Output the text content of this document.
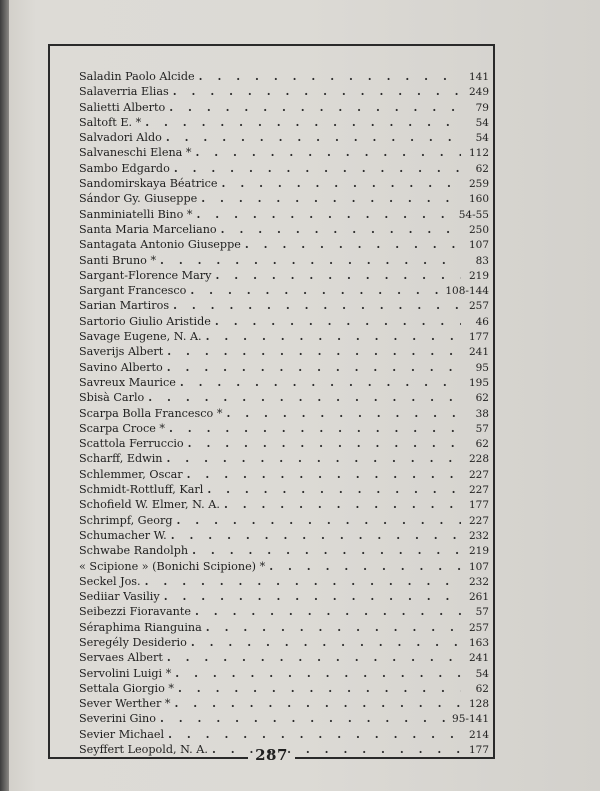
Saladin Paolo Alcide . . .	141
Salaverria Elias . . .	249
Salietti Alberto . . .	79
Saltoft E. * . . .	54
Salvadori Aldo . . .	54
Salvaneschi Elena * . . .	112
Sambo Edgardo . . .	62
Sandomirskaya Béatrice . . .	259
Sándor Gy. Giuseppe . . .	160
Sanminiatelli Bino * . . .	54-55
Santa Maria Marceliano . . .	250
Santagata Antonio Giuseppe . . .	107
Santi Bruno * . . .	83
Sargant-Florence Mary . . .	219
Sargant Francesco . . .	108-144
Sarian Martiros . . .	257
Sartorio Giulio Aristide . . .	46
Savage Eugene, N. A. . . .	177
Saverijs Albert . . .	241
Savino Alberto . . .	95
Savreux Maurice . . .	195
Sbisà Carlo . . .	62
Scarpa Bolla Francesco * . . .	38
Scarpa Croce * . . .	57
Scattola Ferruccio . . .	62
Scharff, Edwin . . .	228
Schlemmer, Oscar . . .	227
Schmidt-Rottluff, Karl . . .	227
Schofield W. Elmer, N. A. . . .	177
Schrimpf, Georg . . .	227
Schumacher W. . . .	232
Schwabe Randolph . . .	219
« Scipione » (Bonichi Scipione) * . . .	107
Seckel Jos. . . .	232
Sediiar Vasiliy . . .	261
Seibezzi Fioravante . . .	57
Séraphima Rianguina . . .	257
Seregély Desiderio . . .	163
Servaes Albert . . .	241
Servolini Luigi * . . .	54
Settala Giorgio * . . .	62
Sever Werther * . . .	128
Severini Gino . . .	95-141
Sevier Michael . . .	214
Seyffert Leopold, N. A. . . .	177
287
